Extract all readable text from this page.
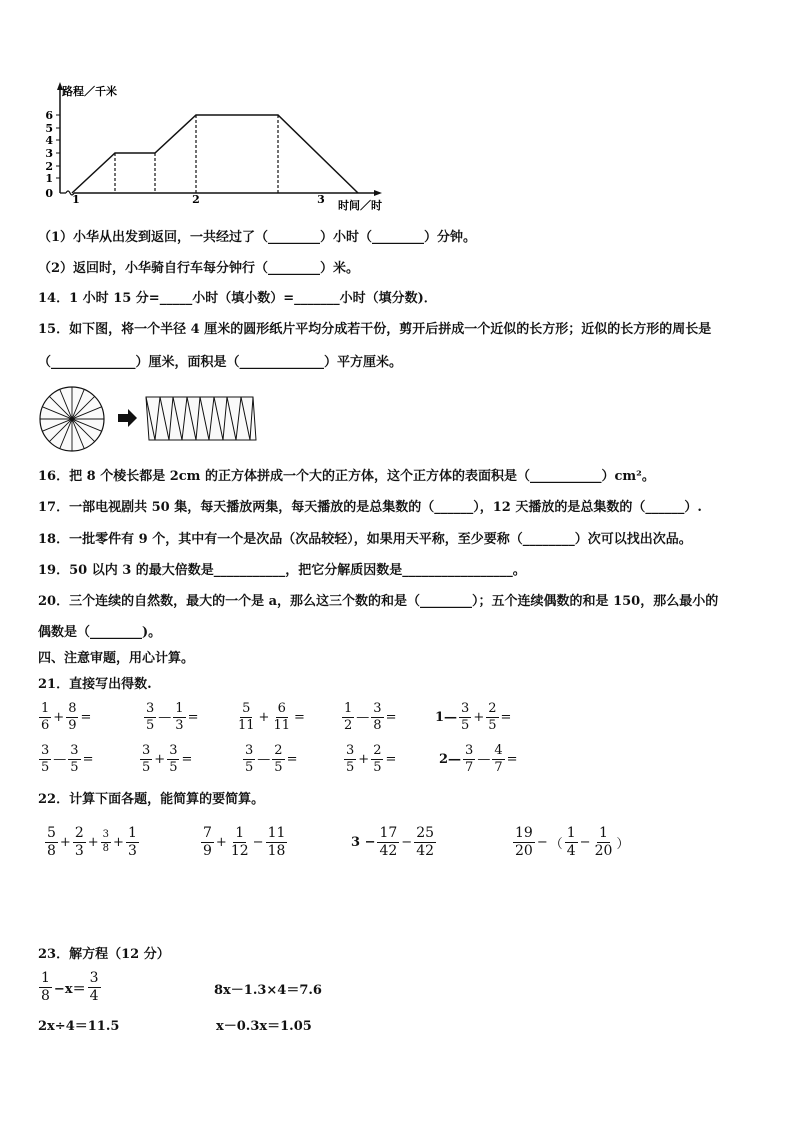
0
1
2
3
4
5
6
路程／千米
1	2	3 时间／时
（1）小华从出发到返回，一共经过了（________）小时（________）分钟。
（2）返回时，小华骑自行车每分钟行（________）米。
14．1 小时 15 分=_____小时（填小数）=_______小时（填分数)．
15．如下图，将一个半径 4 厘米的圆形纸片平均分成若干份，剪开后拼成一个近似的长方形；近似的长方形的周长是
（_____________）厘米，面积是（_____________）平方厘米。
16．把 8 个棱长都是 2cm 的正方体拼成一个大的正方体，这个正方体的表面积是（___________）cm²。
17．一部电视剧共 50 集，每天播放两集，每天播放的是总集数的（______），12 天播放的是总集数的（______）.
18．一批零件有 9 个，其中有一个是次品（次品较轻），如果用天平称，至少要称（________）次可以找出次品。
19．50 以内 3 的最大倍数是___________，把它分解质因数是_________________。
20．三个连续的自然数，最大的一个是 a，那么这三个数的和是（________）；五个连续偶数的和是 150，那么最小的
偶数是（________)。
四、注意审题，用心计算。
21．直接写出得数.
$\frac{1}{6} + \frac{8}{9}$ =	$\frac{3}{5}$ — $\frac{1}{3}$ =	$\frac{5}{11} + \frac{6}{11}$ =	$\frac{1}{2}$ — $\frac{3}{8}$ =	1— $\frac{3}{5} + \frac{2}{5}$ =
$\frac{3}{5}$ — $\frac{3}{5}$ =	$\frac{3}{5} + \frac{3}{5}$ =	$\frac{3}{5}$ — $\frac{2}{5}$ =	$\frac{3}{5} + \frac{2}{5}$ =	2— $\frac{3}{7}$ — $\frac{4}{7}$ =
22．计算下面各题，能简算的要简算。
$\frac{5}{8} + \frac{2}{3} + \frac{3}{8} + \frac{1}{3}$	$\frac{7}{9} + \frac{1}{12} - \frac{11}{18}$	$3 - \frac{17}{42} - \frac{25}{42}$	$\frac{19}{20}$ − （ $\frac{1}{4} - \frac{1}{20}$ ）
23．解方程（12 分）
$\frac{1}{8} -x= \frac{3}{4}$	8x－1.3×4＝7.6
2x÷4＝11.5	x－0.3x＝1.05
